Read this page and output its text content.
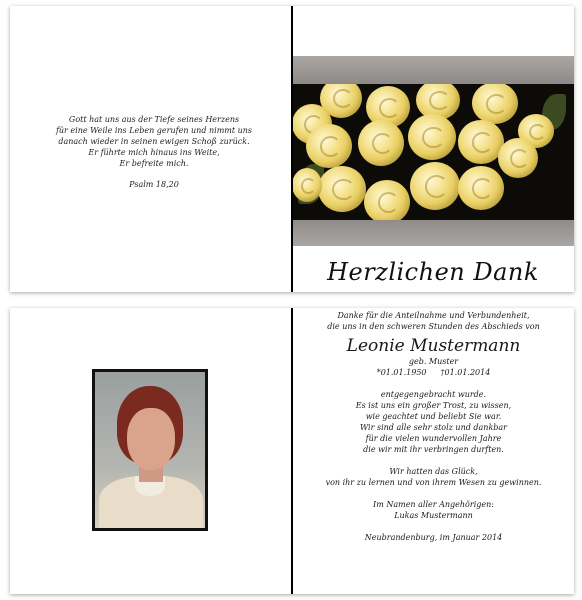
Gott hat uns aus der Tiefe seines Herzens
für eine Weile ins Leben gerufen und nimmt uns
danach wieder in seinen ewigen Schoß zurück.
Er führte mich hinaus ins Weite,
Er befreite mich.
Psalm 18,20
Herzlichen Dank
Danke für die Anteilnahme und Verbundenheit,
die uns in den schweren Stunden des Abschieds von
Leonie Mustermann
geb. Muster
*01.01.1950 †01.01.2014
entgegengebracht wurde.
Es ist uns ein großer Trost, zu wissen,
wie geachtet und beliebt Sie war.
Wir sind alle sehr stolz und dankbar
für die vielen wundervollen Jahre
die wir mit ihr verbringen durften.
Wir hatten das Glück,
von ihr zu lernen und von ihrem Wesen zu gewinnen.
Im Namen aller Angehörigen:
Lukas Mustermann
Neubrandenburg, im Januar 2014
